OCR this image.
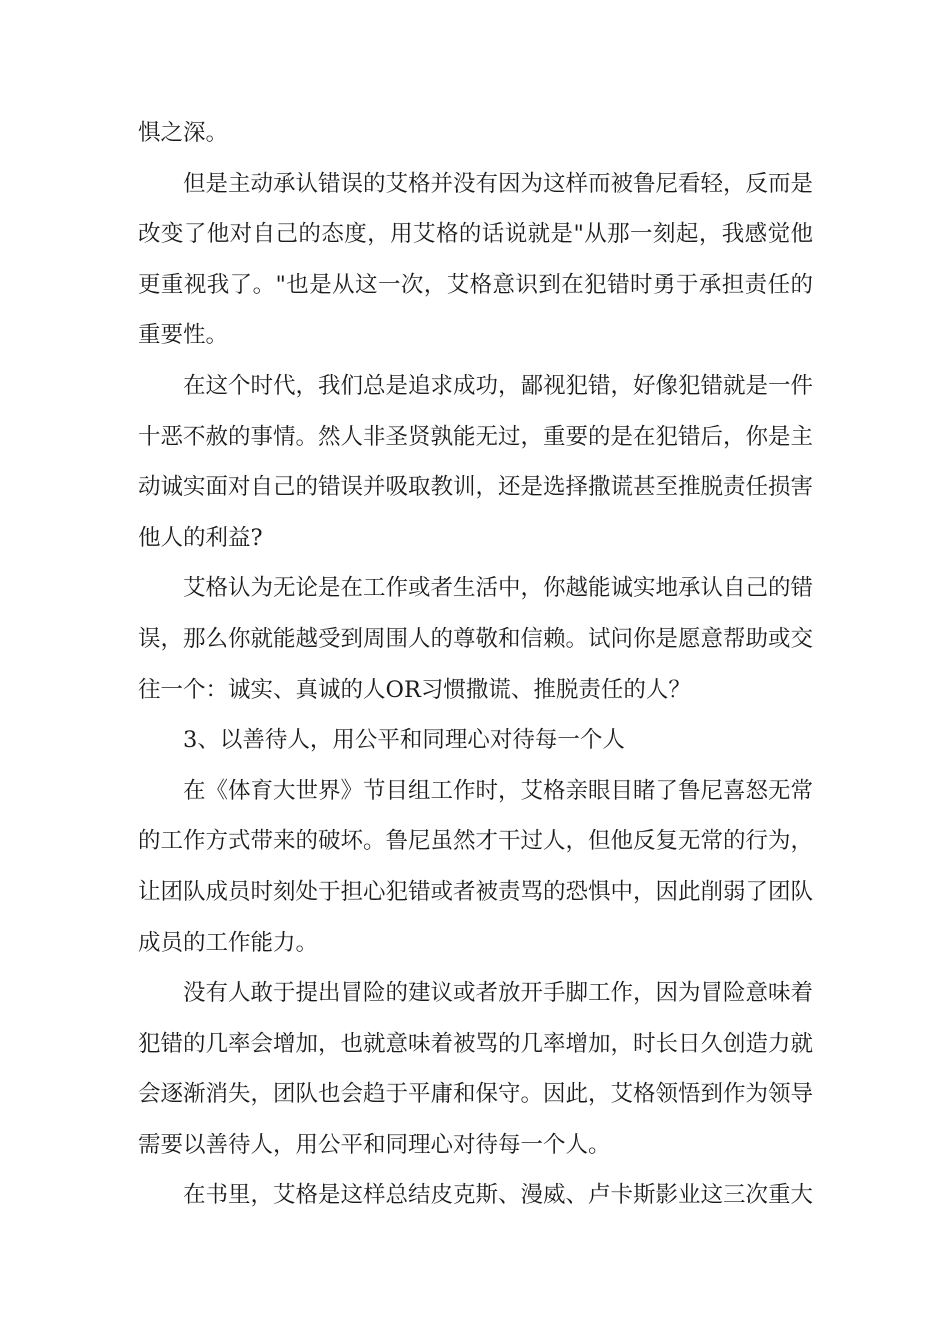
惧之深。
但是主动承认错误的艾格并没有因为这样而被鲁尼看轻，反而是
改变了他对自己的态度，用艾格的话说就是"从那一刻起，我感觉他
更重视我了。"也是从这一次，艾格意识到在犯错时勇于承担责任的
重要性。
在这个时代，我们总是追求成功，鄙视犯错，好像犯错就是一件
十恶不赦的事情。然人非圣贤孰能无过，重要的是在犯错后，你是主
动诚实面对自己的错误并吸取教训，还是选择撒谎甚至推脱责任损害
他人的利益?
艾格认为无论是在工作或者生活中，你越能诚实地承认自己的错
误，那么你就能越受到周围人的尊敬和信赖。试问你是愿意帮助或交
往一个：诚实、真诚的人OR习惯撒谎、推脱责任的人？
3、以善待人，用公平和同理心对待每一个人
在《体育大世界》节目组工作时，艾格亲眼目睹了鲁尼喜怒无常
的工作方式带来的破坏。鲁尼虽然才干过人，但他反复无常的行为，
让团队成员时刻处于担心犯错或者被责骂的恐惧中，因此削弱了团队
成员的工作能力。
没有人敢于提出冒险的建议或者放开手脚工作，因为冒险意味着
犯错的几率会增加，也就意味着被骂的几率增加，时长日久创造力就
会逐渐消失，团队也会趋于平庸和保守。因此，艾格领悟到作为领导
需要以善待人，用公平和同理心对待每一个人。
在书里，艾格是这样总结皮克斯、漫威、卢卡斯影业这三次重大
